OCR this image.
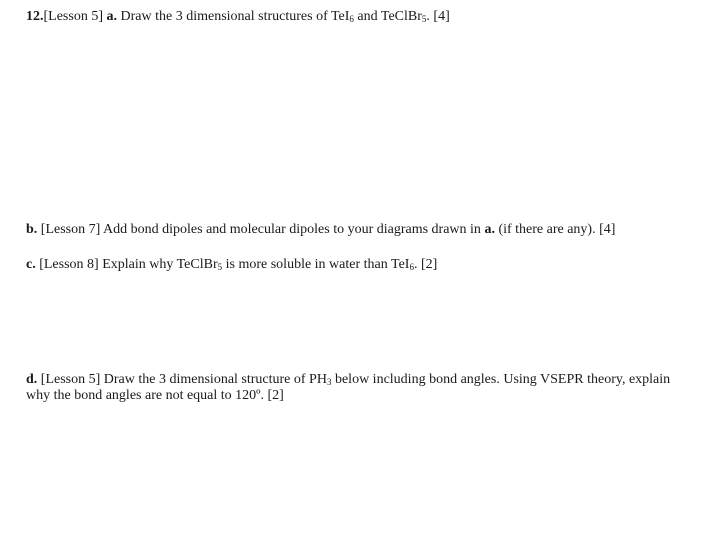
12.[Lesson 5] a. Draw the 3 dimensional structures of TeI$_6$ and TeClBr$_5$. [4]

b. [Lesson 7] Add bond dipoles and molecular dipoles to your diagrams drawn in a. (if there are any). [4]

c. [Lesson 8] Explain why TeClBr$_5$ is more soluble in water than TeI$_6$. [2]

d. [Lesson 5] Draw the 3 dimensional structure of $PH_3$ below including bond angles. Using VSEPR theory, explain why the bond angles are not equal to 120º. [2]
